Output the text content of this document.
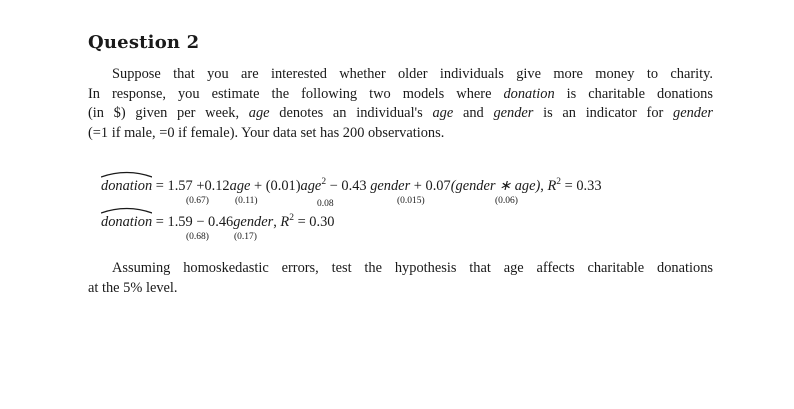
Question 2
Suppose that you are interested whether older individuals give more money to charity.
In response, you estimate the following two models where donation is charitable donations
(in $) given per week, age denotes an individual's age and gender is an indicator for gender
(=1 if male, =0 if female). Your data set has 200 observations.
donation = 1.57 +0.12age + (0.01)age$^2$ − 0.43 gender + 0.07(gender ∗ age), $R^2 = 0.33$
(0.67)	(0.11)	0.08	(0.015)	(0.06)
donation = 1.59 − 0.46gender, $R^2 = 0.30$
(0.68)	(0.17)
Assuming homoskedastic errors, test the hypothesis that age affects charitable donations
at the 5% level.
